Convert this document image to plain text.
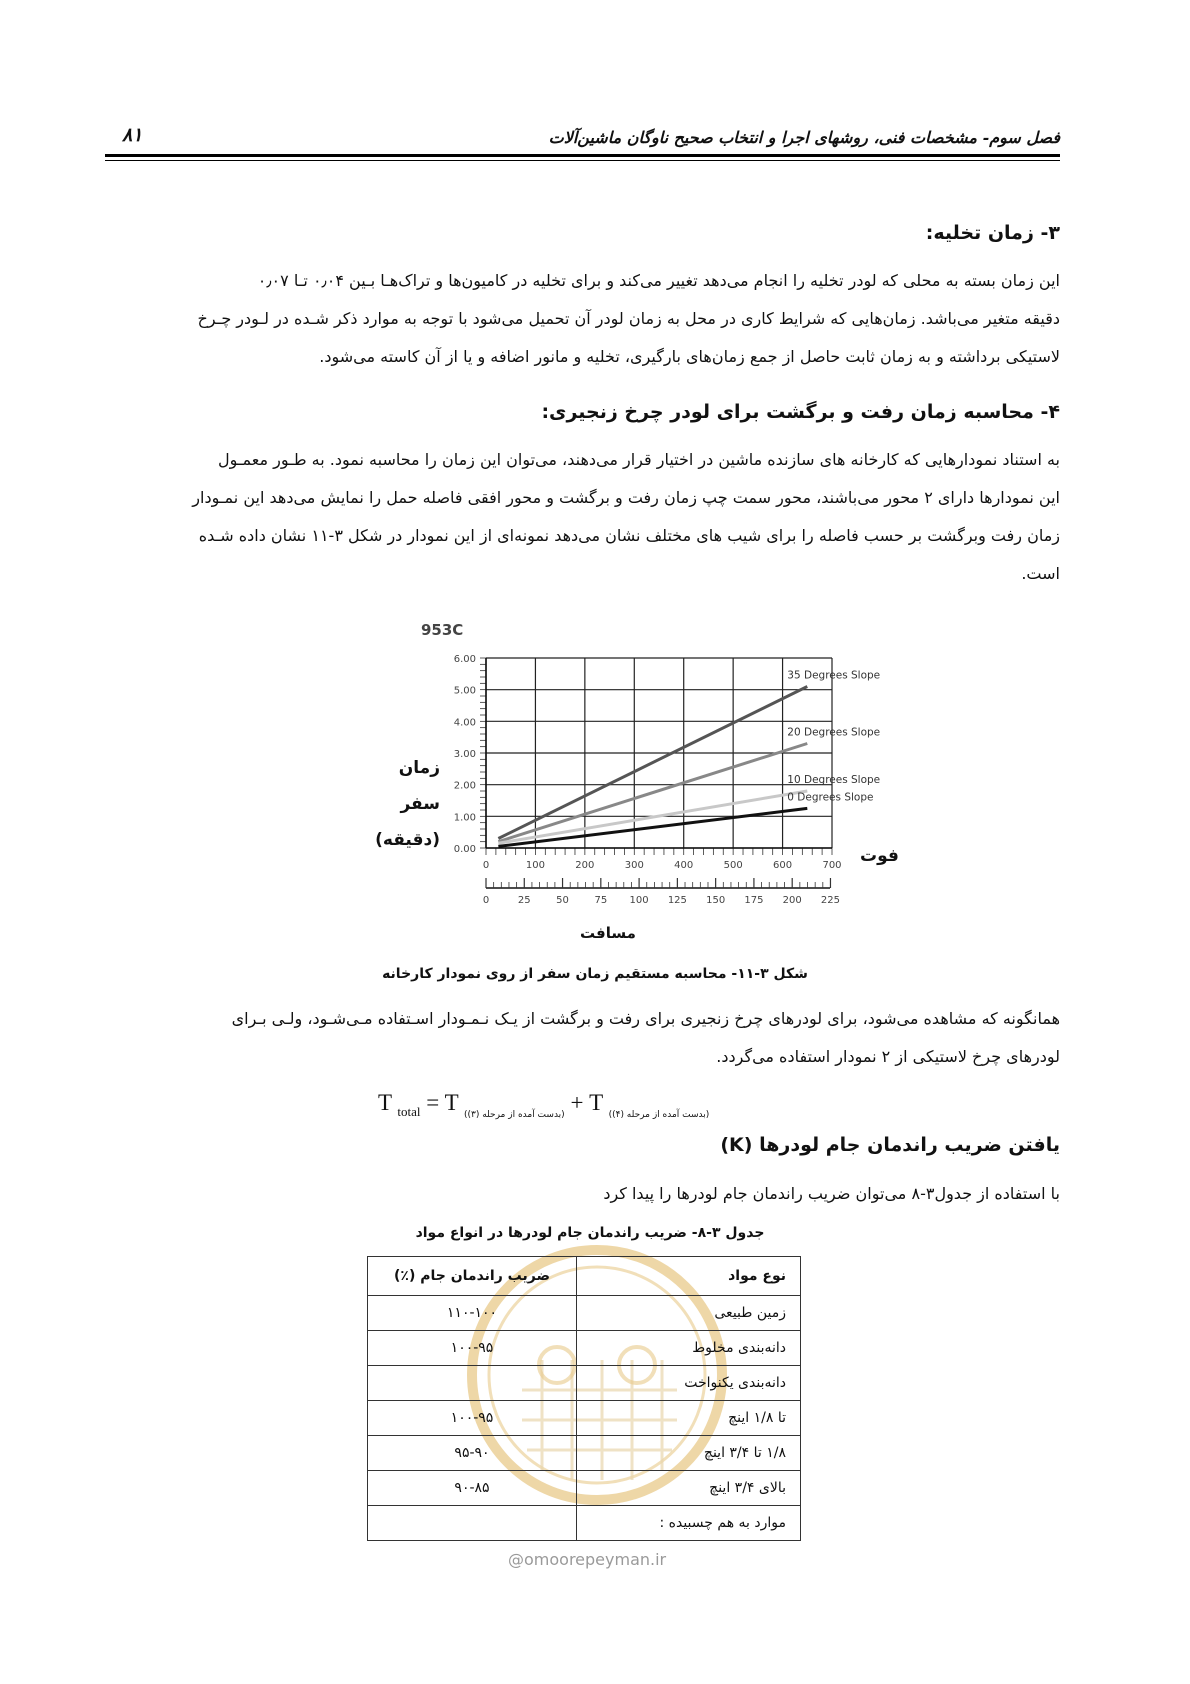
فصل سوم- مشخصات فنی، روشهای اجرا و انتخاب صحیح ناوگان ماشین‌آلات
۸۱
۳- زمان تخلیه:
این زمان بسته به محلی که لودر تخلیه را انجام می‌دهد تغییر می‌کند و برای تخلیه در کامیون‌ها و تراک‌هـا بـین ۰٫۰۴ تـا ۰٫۰۷
دقیقه متغیر می‌باشد. زمان‌هایی که شرایط کاری در محل به زمان لودر آن تحمیل می‌شود با توجه به موارد ذکر شـده در لـودر چـرخ
لاستیکی برداشته و به زمان ثابت حاصل از جمع زمان‌های بارگیری، تخلیه و مانور اضافه و یا از آن کاسته می‌شود.
۴- محاسبه زمان رفت و برگشت برای لودر چرخ زنجیری:
به استناد نمودارهایی که کارخانه های سازنده ماشین در اختیار قرار می‌دهند، می‌توان این زمان را محاسبه نمود. به طـور معمـول
این نمودارها دارای ۲ محور می‌باشند، محور سمت چپ زمان رفت و برگشت و محور افقی فاصله حمل را نمایش می‌دهد این نمـودار
زمان رفت وبرگشت بر حسب فاصله را برای شیب های مختلف نشان می‌دهد نمونه‌ای از این نمودار در شکل ۳-۱۱ نشان داده شـده
است.
953C
زمان سفر
(دقیقه) 0.00
1.00
2.00
3.00
4.00
5.00
6.00
0	100	200	300	400	500	600	700
35 Degrees Slope
20 Degrees Slope
10 Degrees Slope
0 Degrees Slope
0	25	50	75 100 125 150 175 200 225
فوت
مسافت
شکل ۳-۱۱- محاسبه مستقیم زمان سفر از روی نمودار کارخانه
همانگونه که مشاهده می‌شود، برای لودرهای چرخ زنجیری برای رفت و برگشت از یـک نـمـودار اسـتفاده مـی‌شـود، ولـی بـرای
لودرهای چرخ لاستیکی از ۲ نمودار استفاده می‌گردد.
T $_{total}$ = T $_{(بدست آمده از مرحله (۳))}$ + T $_{(بدست آمده از مرحله (۴))}$
یافتن ضریب راندمان جام لودرها (K)
با استفاده از جدول۳-۸ می‌توان ضریب راندمان جام لودرها را پیدا کرد
جدول ۳-۸- ضریب راندمان جام لودرها در انواع مواد
نوع مواد	ضریب راندمان جام (٪)
زمین طبیعی	۱۱۰-۱۰۰
دانه‌بندی مخلوط	۱۰۰-۹۵
دانه‌بندی یکنواخت	
تا ۱/۸ اینچ	۱۰۰-۹۵
۱/۸ تا ۳/۴ اینچ	۹۵-۹۰
بالای ۳/۴ اینچ	۹۰-۸۵
موارد به هم چسبیده :	
@omoorepeyman.ir
